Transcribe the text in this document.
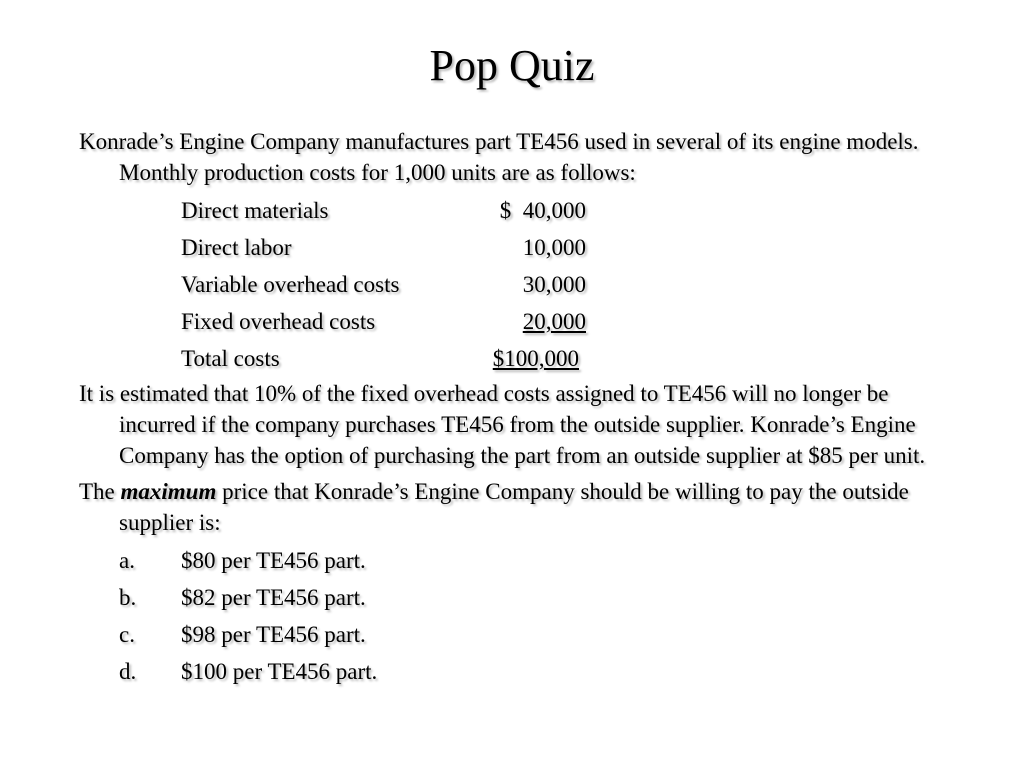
Pop Quiz

Konrade’s Engine Company manufactures part TE456 used in several of its engine models. Monthly production costs for 1,000 units are as follows:

Direct materials	$  40,000
Direct labor	10,000
Variable overhead costs	30,000
Fixed overhead costs	20,000
Total costs	$100,000

It is estimated that 10% of the fixed overhead costs assigned to TE456 will no longer be incurred if the company purchases TE456 from the outside supplier. Konrade’s Engine Company has the option of purchasing the part from an outside supplier at $85 per unit.

The maximum price that Konrade’s Engine Company should be willing to pay the outside supplier is:

a. $80 per TE456 part.
b. $82 per TE456 part.
c. $98 per TE456 part.
d. $100 per TE456 part.
